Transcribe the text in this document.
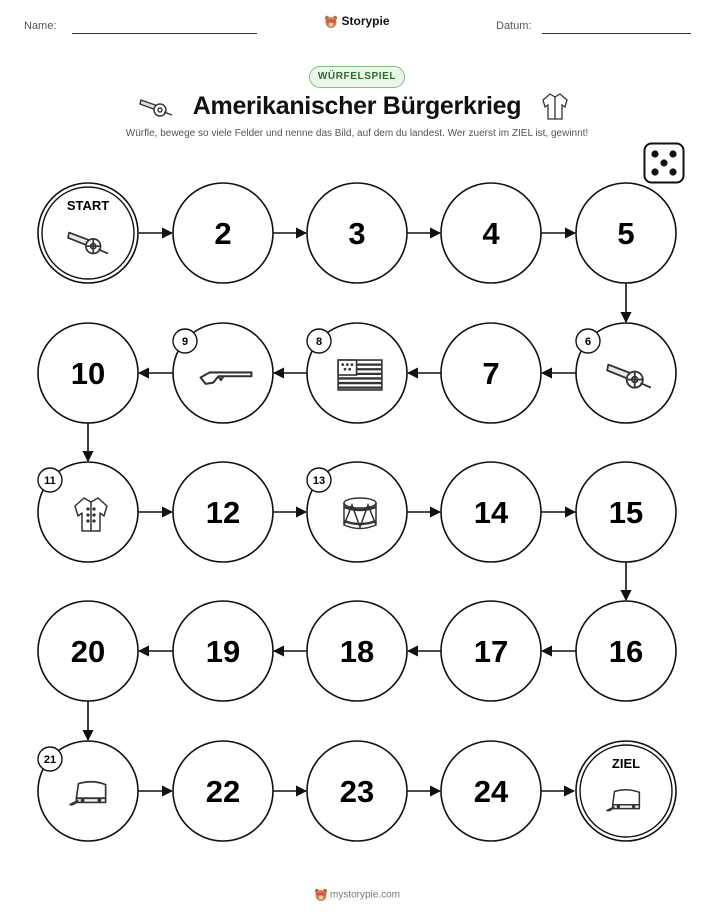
Name:	Storypie	Datum:
WÜRFELSPIEL
Amerikanischer Bürgerkrieg
Würfle, bewege so viele Felder und nenne das Bild, auf dem du landest. Wer zuerst im ZIEL ist, gewinnt!
START
2	3	4	5
6
7
8
9
10
11
12
13
14	15
16
17
18
19
20
21
22	23	24
ZIEL
mystorypie.com
